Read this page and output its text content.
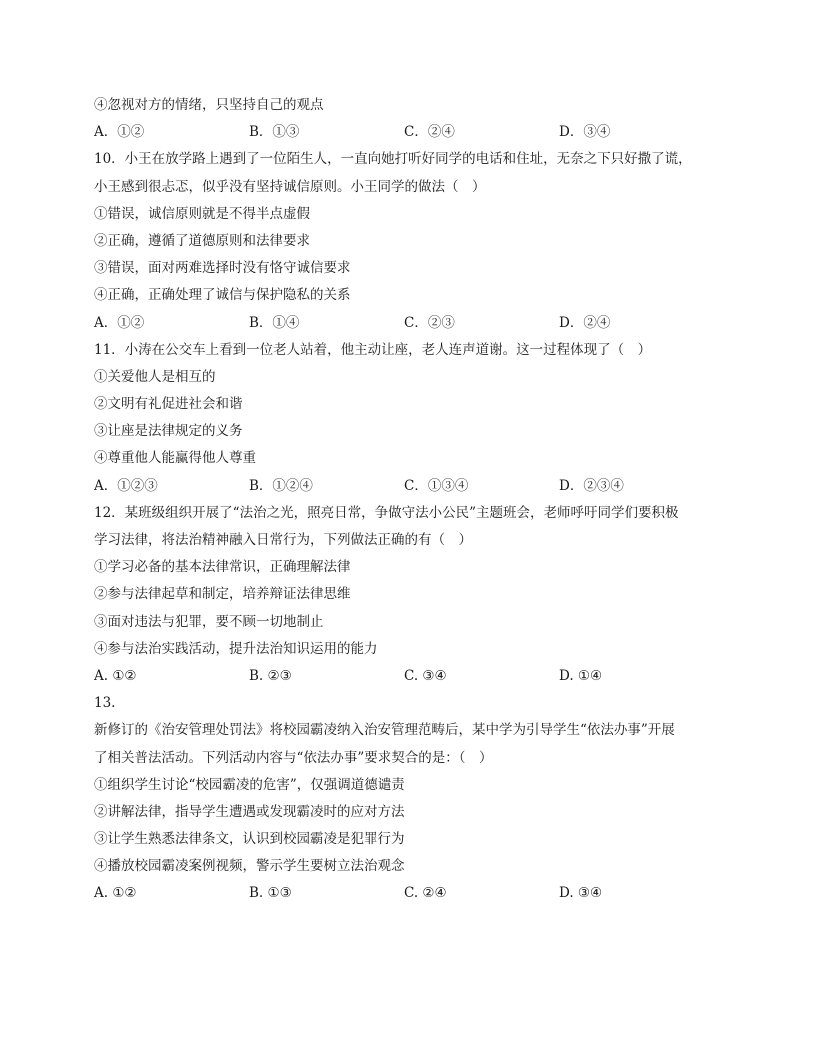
④忽视对方的情绪，只坚持自己的观点
A．①②	B．①③	C．②④	D．③④
10．小王在放学路上遇到了一位陌生人，一直向她打听好同学的电话和住址，无奈之下只好撒了谎，
小王感到很忐忑，似乎没有坚持诚信原则。小王同学的做法（　）
①错误，诚信原则就是不得半点虚假
②正确，遵循了道德原则和法律要求
③错误，面对两难选择时没有恪守诚信要求
④正确，正确处理了诚信与保护隐私的关系
A．①②	B．①④	C．②③	D．②④
11．小涛在公交车上看到一位老人站着，他主动让座，老人连声道谢。这一过程体现了（　）
①关爱他人是相互的
②文明有礼促进社会和谐
③让座是法律规定的义务
④尊重他人能赢得他人尊重
A．①②③	B．①②④	C．①③④	D．②③④
12．某班级组织开展了“法治之光，照亮日常，争做守法小公民”主题班会，老师呼吁同学们要积极
学习法律，将法治精神融入日常行为，下列做法正确的有（　）
①学习必备的基本法律常识，正确理解法律
②参与法律起草和制定，培养辩证法律思维
③面对违法与犯罪，要不顾一切地制止
④参与法治实践活动，提升法治知识运用的能力
A. ①②	B. ②③	C. ③④	D. ①④
13.
新修订的《治安管理处罚法》将校园霸凌纳入治安管理范畴后，某中学为引导学生“依法办事”开展
了相关普法活动。下列活动内容与“依法办事”要求契合的是：（　）
①组织学生讨论“校园霸凌的危害”，仅强调道德谴责
②讲解法律，指导学生遭遇或发现霸凌时的应对方法
③让学生熟悉法律条文，认识到校园霸凌是犯罪行为
④播放校园霸凌案例视频，警示学生要树立法治观念
A. ①②	B. ①③	C. ②④	D. ③④
